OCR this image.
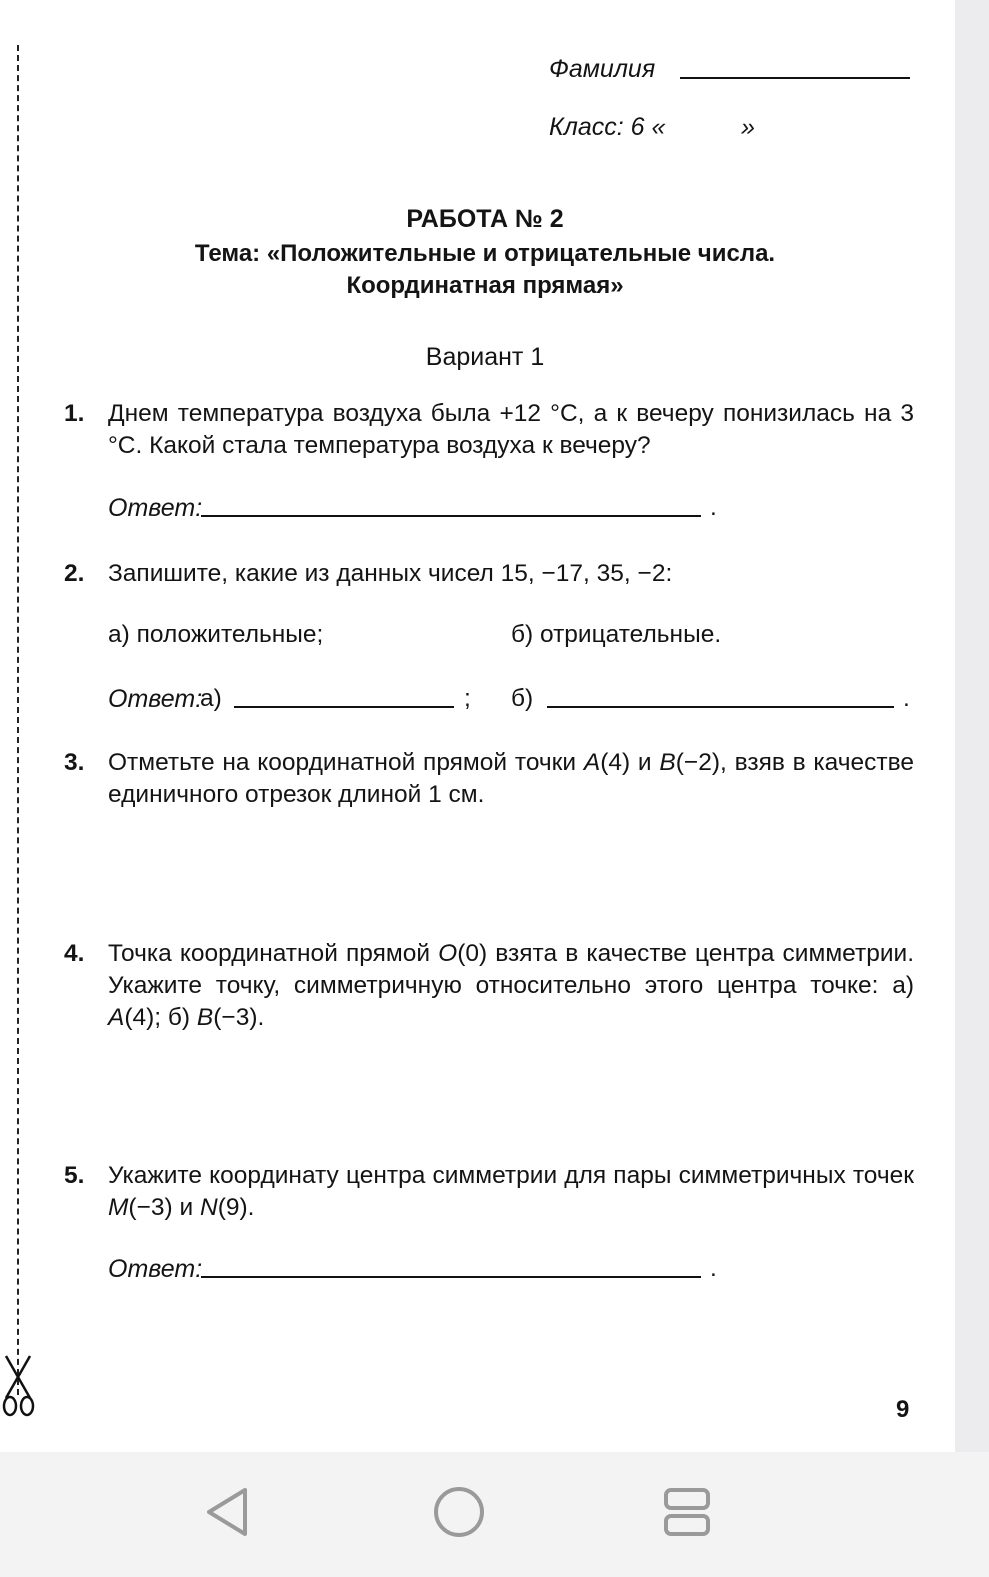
Фамилия
Класс: 6 «	»
РАБОТА № 2
Тема: «Положительные и отрицательные числа.
Координатная прямая»
Вариант 1
1. Днем температура воздуха была +12 °С, а к вечеру понизилась на 3 °С. Какой стала температура воздуха к вечеру?
Ответ:	.
2. Запишите, какие из данных чисел 15, −17, 35, −2:
а) положительные;	б) отрицательные.
Ответ:
а)	; б)	.
3. Отметьте на координатной прямой точки A(4) и B(−2), взяв в качестве единичного отрезок длиной 1 см.
4. Точка координатной прямой O(0) взята в качестве центра симметрии. Укажите точку, симметричную относительно этого центра точке: а) A(4); б) B(−3).
5. Укажите координату центра симметрии для пары симметричных точек M(−3) и N(9).
Ответ:	.
9
